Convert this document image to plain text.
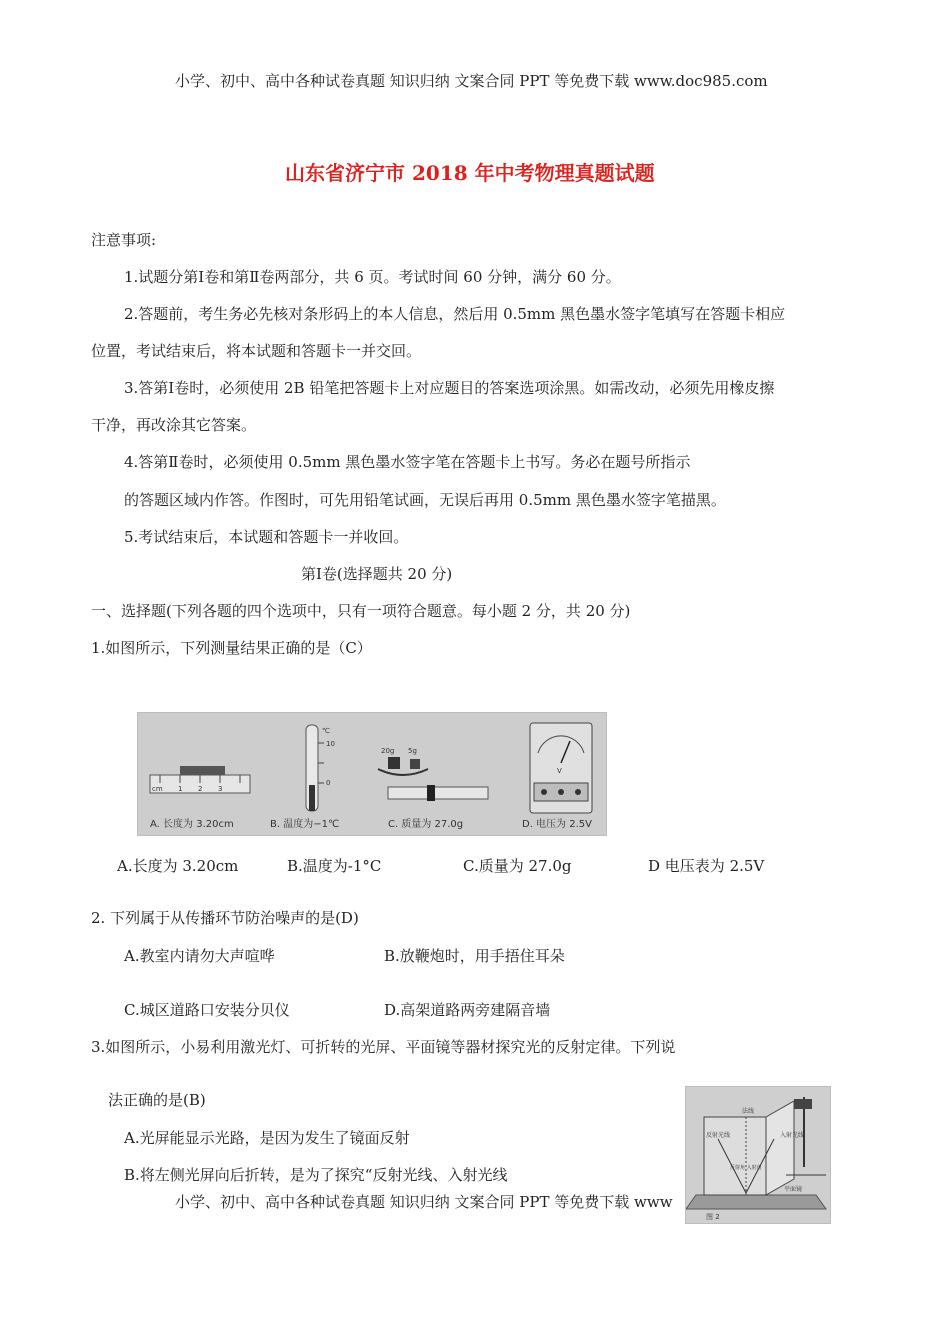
小学、初中、高中各种试卷真题 知识归纳 文案合同 PPT 等免费下载 www.doc985.com
山东省济宁市 2018 年中考物理真题试题
注意事项:
1.试题分第Ⅰ卷和第Ⅱ卷两部分，共 6 页。考试时间 60 分钟，满分 60 分。
2.答题前，考生务必先核对条形码上的本人信息，然后用 0.5mm 黑色墨水签字笔填写在答题卡相应
位置，考试结束后，将本试题和答题卡一并交回。
3.答第Ⅰ卷时，必须使用 2B 铅笔把答题卡上对应题目的答案选项涂黑。如需改动，必须先用橡皮擦
干净，再改涂其它答案。
4.答第Ⅱ卷时，必须使用 0.5mm 黑色墨水签字笔在答题卡上书写。务必在题号所指示
的答题区域内作答。作图时，可先用铅笔试画，无误后再用 0.5mm 黑色墨水签字笔描黑。
5.考试结束后，本试题和答题卡一并收回。
第Ⅰ卷(选择题共 20 分)
一、选择题(下列各题的四个选项中，只有一项符合题意。每小题 2 分，共 20 分)
1.如图所示，下列测量结果正确的是（C）
cm 1 2 3
℃
10
0
20g 5g
V
A. 长度为 3.20cm	B. 温度为−1℃	C. 质量为 27.0g	D. 电压为 2.5V
A.长度为 3.20cm	B.温度为-1°C	C.质量为 27.0g	D 电压表为 2.5V
2. 下列属于从传播环节防治噪声的是(D)
A.教室内请勿大声喧哗	B.放鞭炮时，用手捂住耳朵
C.城区道路口安装分贝仪	D.高架道路两旁建隔音墙
3.如图所示，小易利用激光灯、可折转的光屏、平面镜等器材探究光的反射定律。下列说
法正确的是(B)
A.光屏能显示光路，是因为发生了镜面反射
B.将左侧光屏向后折转，是为了探究“反射光线、入射光线
法线
反射光线	入射光线
反射角 入射角
平面镜
图 2
小学、初中、高中各种试卷真题 知识归纳 文案合同 PPT 等免费下载 www
